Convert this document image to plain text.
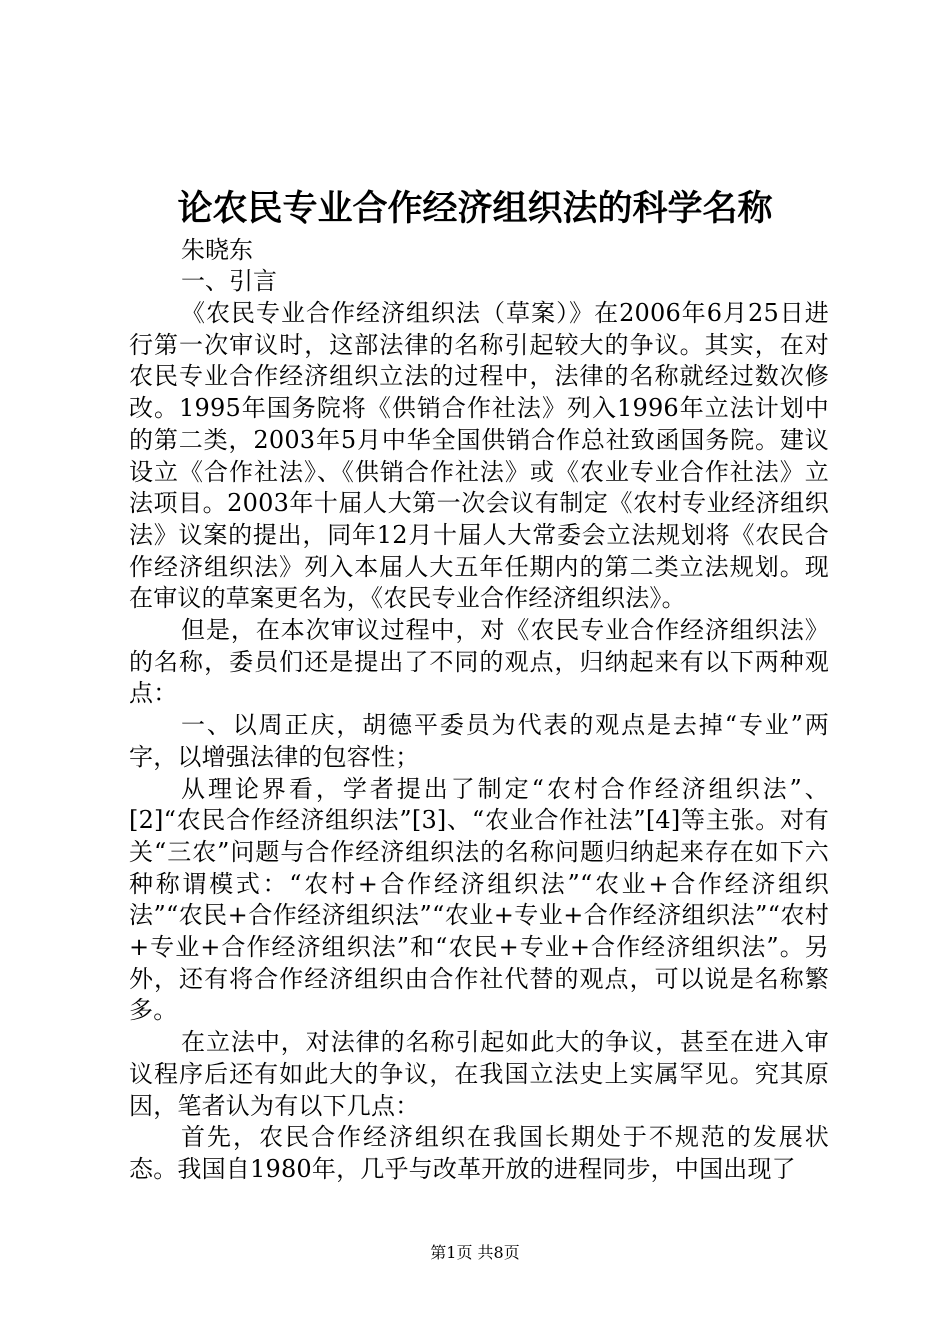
论农民专业合作经济组织法的科学名称

朱晓东

一、引言

《农民专业合作经济组织法（草案）》在2006年6月25日进行第一次审议时，这部法律的名称引起较大的争议。其实，在对农民专业合作经济组织立法的过程中，法律的名称就经过数次修改。1995年国务院将《供销合作社法》列入1996年立法计划中的第二类，2003年5月中华全国供销合作总社致函国务院。建议设立《合作社法》、《供销合作社法》或《农业专业合作社法》立法项目。2003年十届人大第一次会议有制定《农村专业经济组织法》议案的提出，同年12月十届人大常委会立法规划将《农民合作经济组织法》列入本届人大五年任期内的第二类立法规划。现在审议的草案更名为，《农民专业合作经济组织法》。

但是，在本次审议过程中，对《农民专业合作经济组织法》的名称，委员们还是提出了不同的观点，归纳起来有以下两种观点：

一、以周正庆，胡德平委员为代表的观点是去掉“专业”两字，以增强法律的包容性；

从理论界看，学者提出了制定“农村合作经济组织法”、[2]“农民合作经济组织法”[3]、“农业合作社法”[4]等主张。对有关“三农”问题与合作经济组织法的名称问题归纳起来存在如下六种称谓模式：“农村+合作经济组织法”“农业+合作经济组织法”“农民+合作经济组织法”“农业+专业+合作经济组织法”“农村+专业+合作经济组织法”和“农民+专业+合作经济组织法”。另外，还有将合作经济组织由合作社代替的观点，可以说是名称繁多。

在立法中，对法律的名称引起如此大的争议，甚至在进入审议程序后还有如此大的争议，在我国立法史上实属罕见。究其原因，笔者认为有以下几点：

首先，农民合作经济组织在我国长期处于不规范的发展状态。我国自1980年，几乎与改革开放的进程同步，中国出现了

第1页 共8页
